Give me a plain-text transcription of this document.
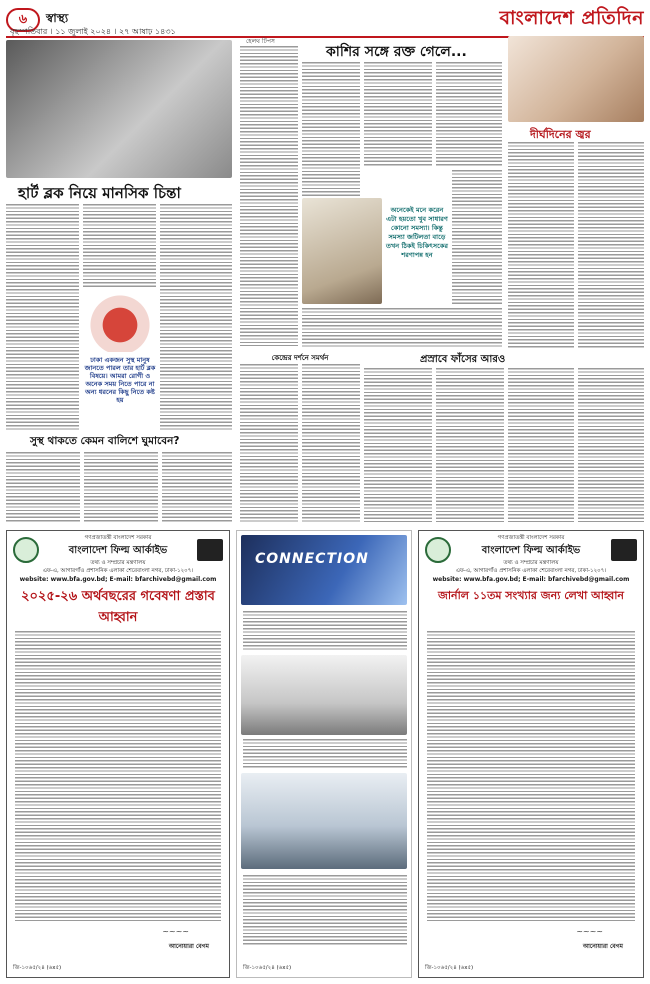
৬	স্বাস্থ্য	বাংলাদেশ প্রতিদিন
বৃহস্পতিবার । ১১ জুলাই ২০২৪ । ২৭ আষাঢ় ১৪৩১
হার্ট ব্লক নিয়ে মানসিক চিন্তা
ঢাকা একজন সুস্থ মানুষ জানতে পারল তার হার্ট ব্লক বিষয়ে। আমরা রোগী ও অনেক সময় নিতে পারে না অন্য ধরনের কিছু নিতে কষ্ট হয়
সুস্থ থাকতে কেমন বালিশে ঘুমাবেন?
হেলথ টিপস
কেন্দ্রের দর্শনে সমর্থন
কাশির সঙ্গে রক্ত গেলে...
অনেকেই মনে করেন এটা হয়তো খুব সাধারণ কোনো সমস্যা। কিন্তু সমস্যা জটিলতা বাড়ে তখন ঠিকই চিকিৎসকের শরণাপন্ন হন
দীর্ঘদিনের জ্বর
প্রস্রাবে ফাঁসের আরও
গণপ্রজাতন্ত্রী বাংলাদেশ সরকার
বাংলাদেশ ফিল্ম আর্কাইভ
তথ্য ও সম্প্রচার মন্ত্রণালয়
এফ-এ, আগারগাঁও প্রশাসনিক এলাকা শেরেবাংলা নগর, ঢাকা-১২০৭।
website: www.bfa.gov.bd; E-mail: bfarchivebd@gmail.com
২০২৫-২৬ অর্থবছরের গবেষণা প্রস্তাব আহ্বান
~~~~
আনোয়ারা বেগম
জি-১০৬৫/২৪ (৬x৫)
CONNECTION
জি-১০৬৫/২৪ (৬x৫)
গণপ্রজাতন্ত্রী বাংলাদেশ সরকার
বাংলাদেশ ফিল্ম আর্কাইভ
তথ্য ও সম্প্রচার মন্ত্রণালয়
এফ-এ, আগারগাঁও প্রশাসনিক এলাকা শেরেবাংলা নগর, ঢাকা-১২০৭।
website: www.bfa.gov.bd; E-mail: bfarchivebd@gmail.com
জার্নাল ১১তম সংখ্যার জন্য লেখা আহ্বান
~~~~
আনোয়ারা বেগম
জি-১০৬৫/২৪ (৬x৫)
